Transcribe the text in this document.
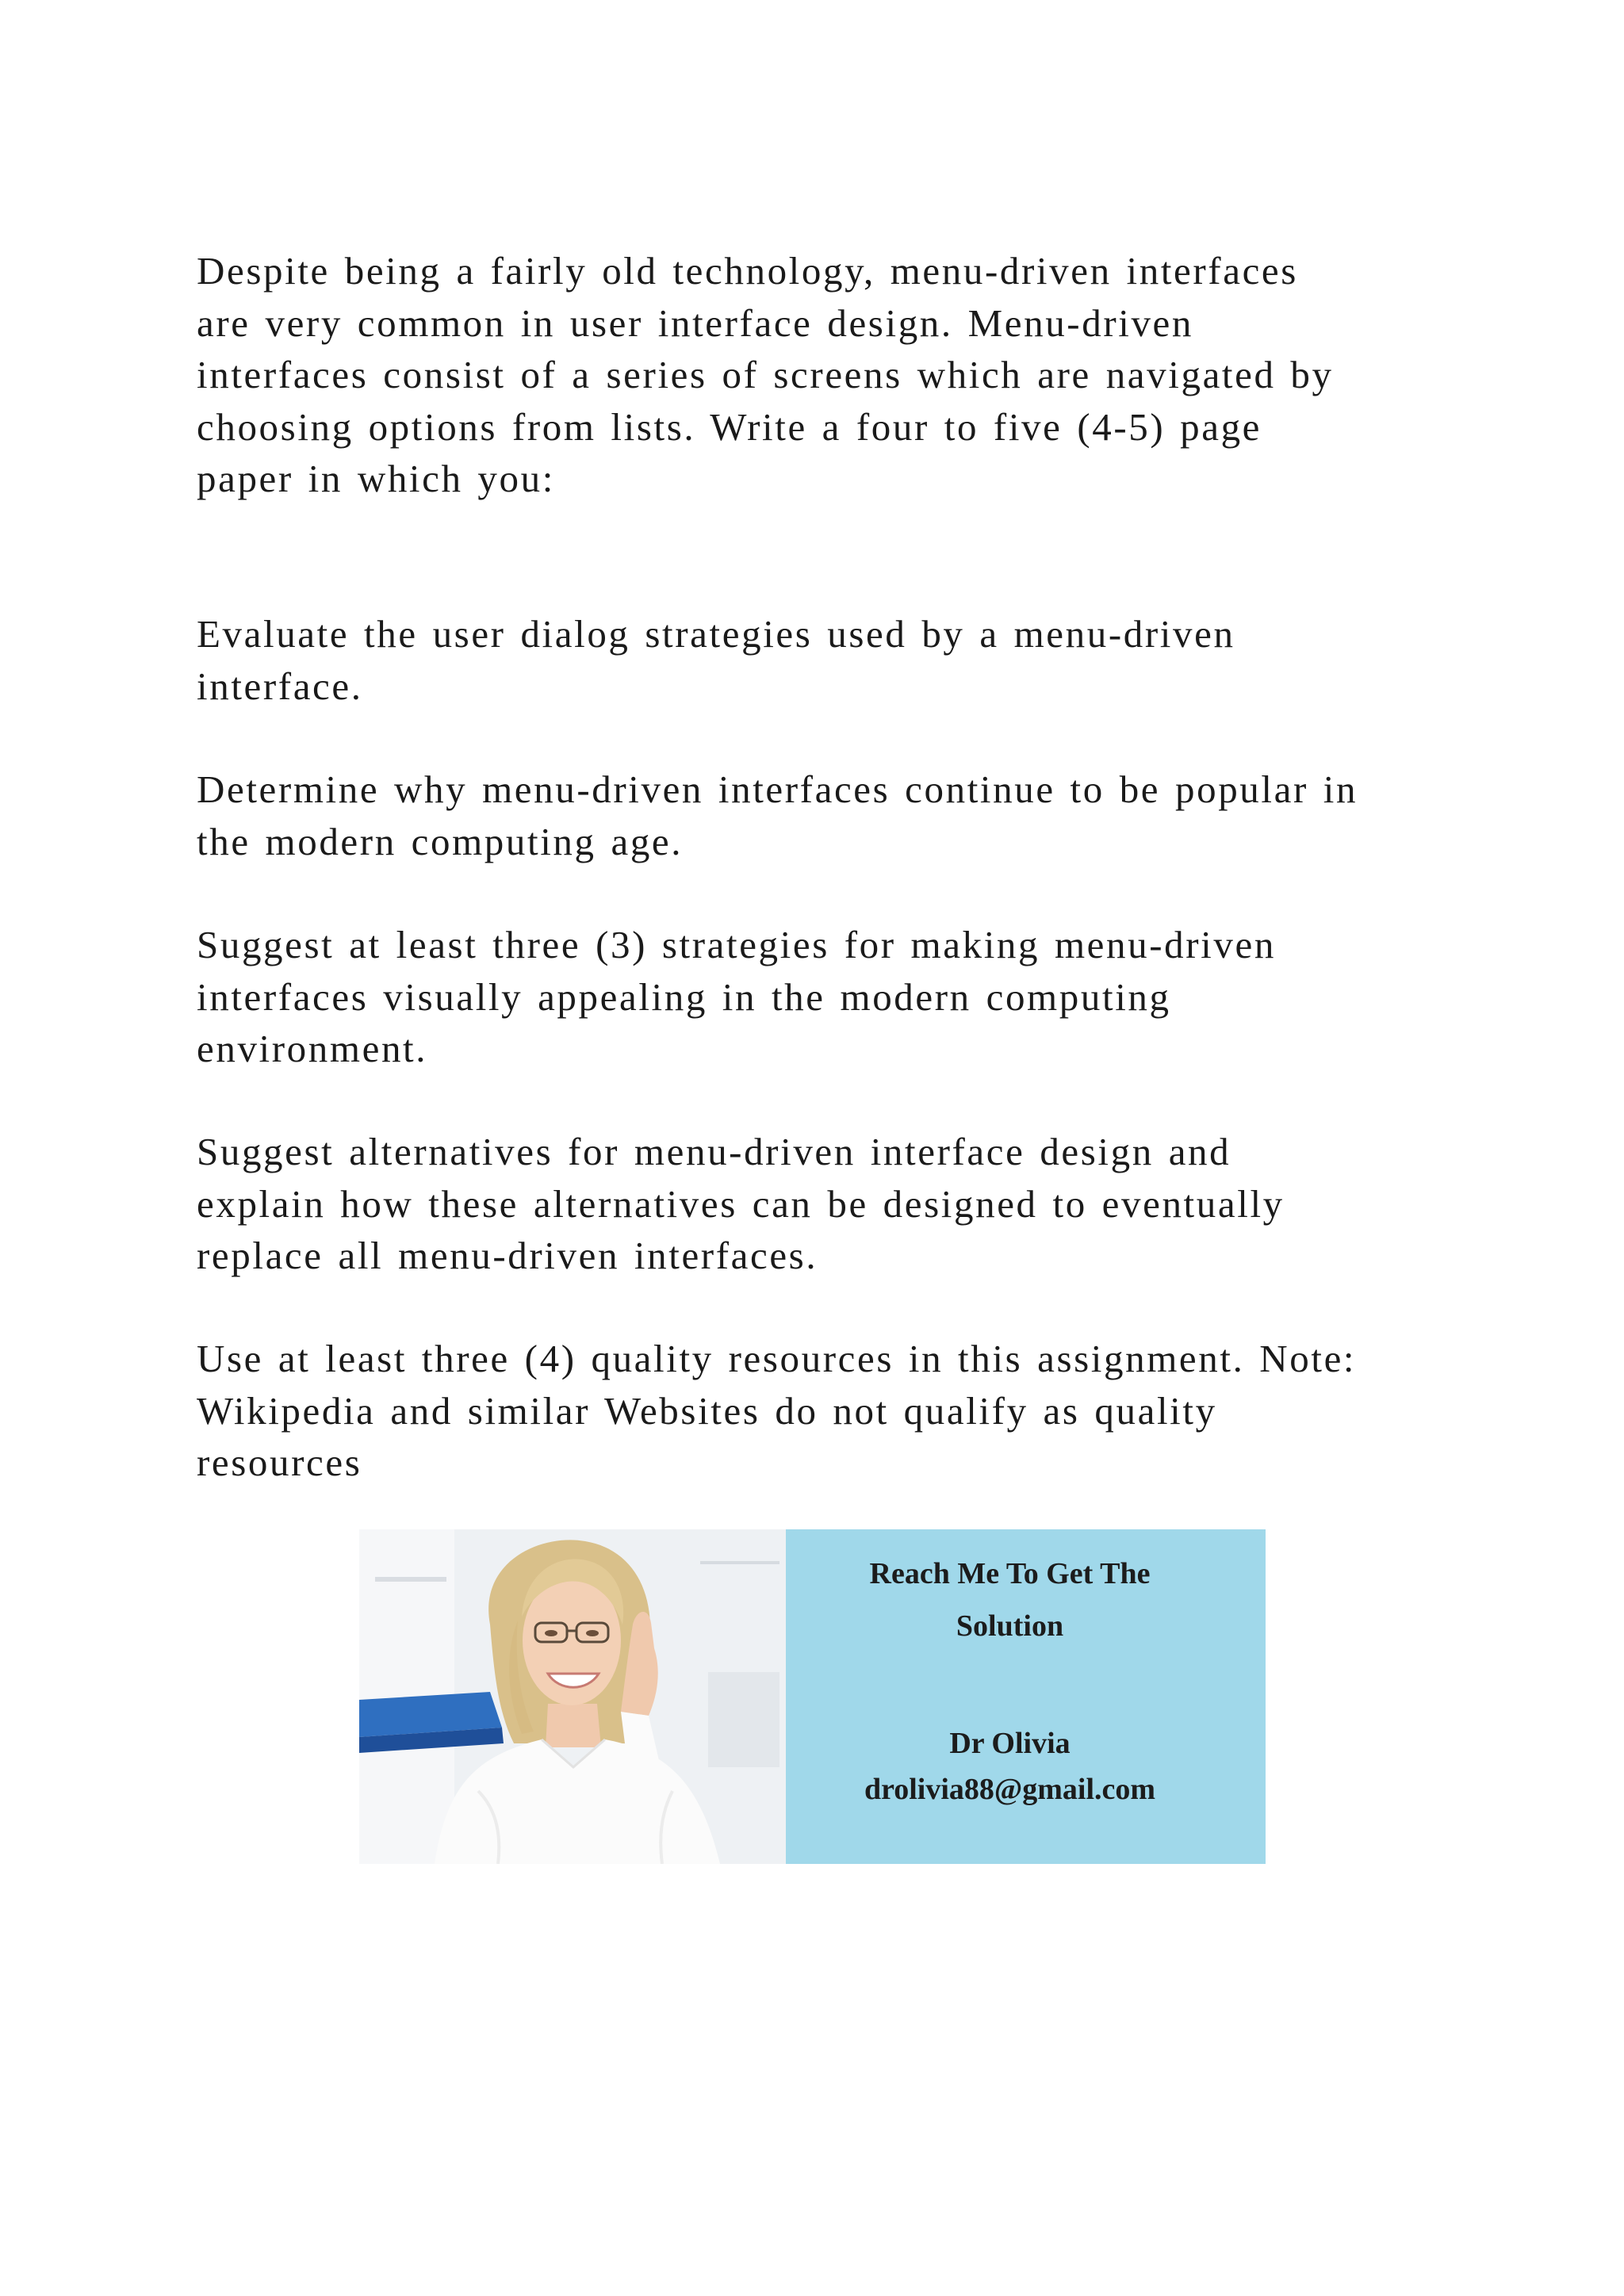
Despite being a fairly old technology, menu-driven interfaces
are very common in user interface design. Menu-driven
interfaces consist of a series of screens which are navigated by
choosing options from lists. Write a four to five (4-5) page
paper in which you:

Evaluate the user dialog strategies used by a menu-driven
interface.

Determine why menu-driven interfaces continue to be popular in
the modern computing age.

Suggest at least three (3) strategies for making menu-driven
interfaces visually appealing in the modern computing
environment.

Suggest alternatives for menu-driven interface design and
explain how these alternatives can be designed to eventually
replace all menu-driven interfaces.

Use at least three (4) quality resources in this assignment. Note:
Wikipedia and similar Websites do not qualify as quality
resources

Reach Me To Get The
Solution
Dr Olivia
drolivia88@gmail.com
